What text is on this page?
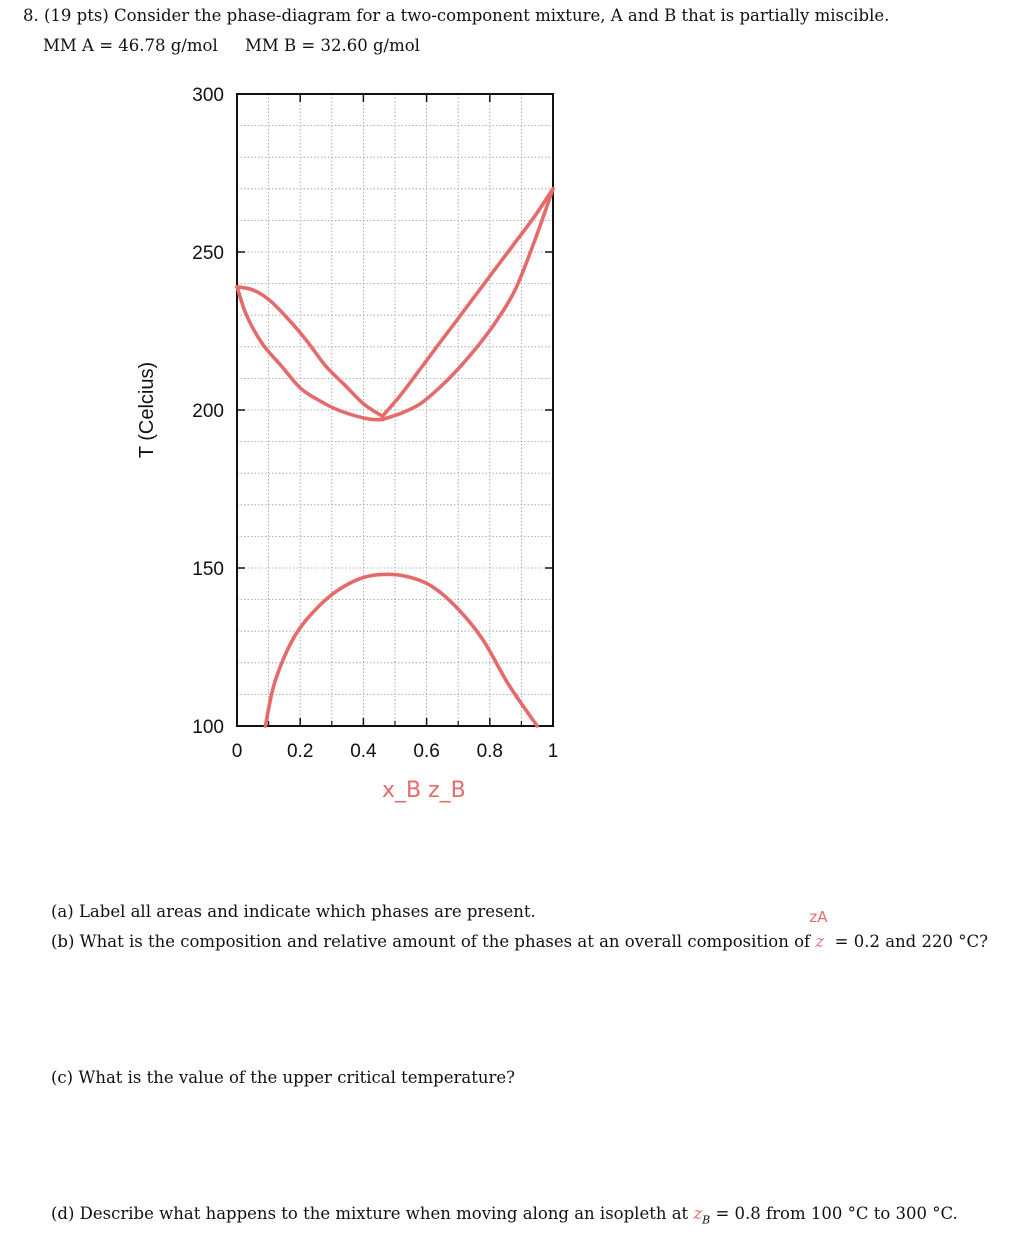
8. (19 pts) Consider the phase-diagram for a two-component mixture, A and B that is partially miscible.
MM A = 46.78 g/mol MM B = 32.60 g/mol
0 0.2 0.4 0.6 0.8 1
100
150
200
250
300
T (Celcius)
x_B z_B
(a) Label all areas and indicate which phases are present.
(b) What is the composition and relative amount of the phases at an overall composition of z
zA
= 0.2 and 220 °C?
(c) What is the value of the upper critical temperature?
(d) Describe what happens to the mixture when moving along an isopleth at $z_B = 0.8$ from 100 °C to 300 °C.
